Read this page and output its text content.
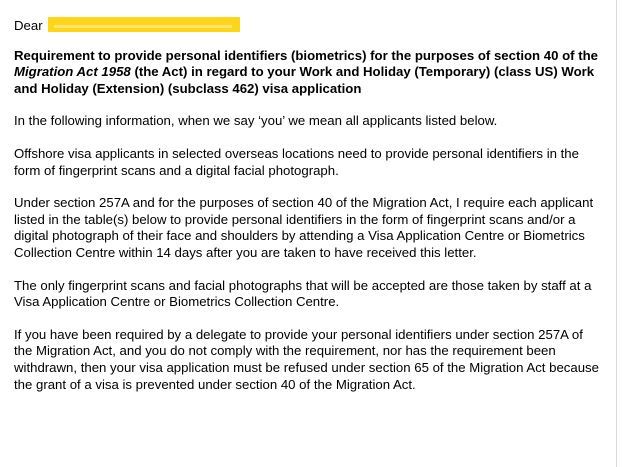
Dear

Requirement to provide personal identifiers (biometrics) for the purposes of section 40 of the Migration Act 1958 (the Act) in regard to your Work and Holiday (Temporary) (class US) Work and Holiday (Extension) (subclass 462) visa application

In the following information, when we say ‘you’ we mean all applicants listed below.

Offshore visa applicants in selected overseas locations need to provide personal identifiers in the form of fingerprint scans and a digital facial photograph.

Under section 257A and for the purposes of section 40 of the Migration Act, I require each applicant listed in the table(s) below to provide personal identifiers in the form of fingerprint scans and/or a digital photograph of their face and shoulders by attending a Visa Application Centre or Biometrics Collection Centre within 14 days after you are taken to have received this letter.

The only fingerprint scans and facial photographs that will be accepted are those taken by staff at a Visa Application Centre or Biometrics Collection Centre.

If you have been required by a delegate to provide your personal identifiers under section 257A of the Migration Act, and you do not comply with the requirement, nor has the requirement been withdrawn, then your visa application must be refused under section 65 of the Migration Act because the grant of a visa is prevented under section 40 of the Migration Act.
